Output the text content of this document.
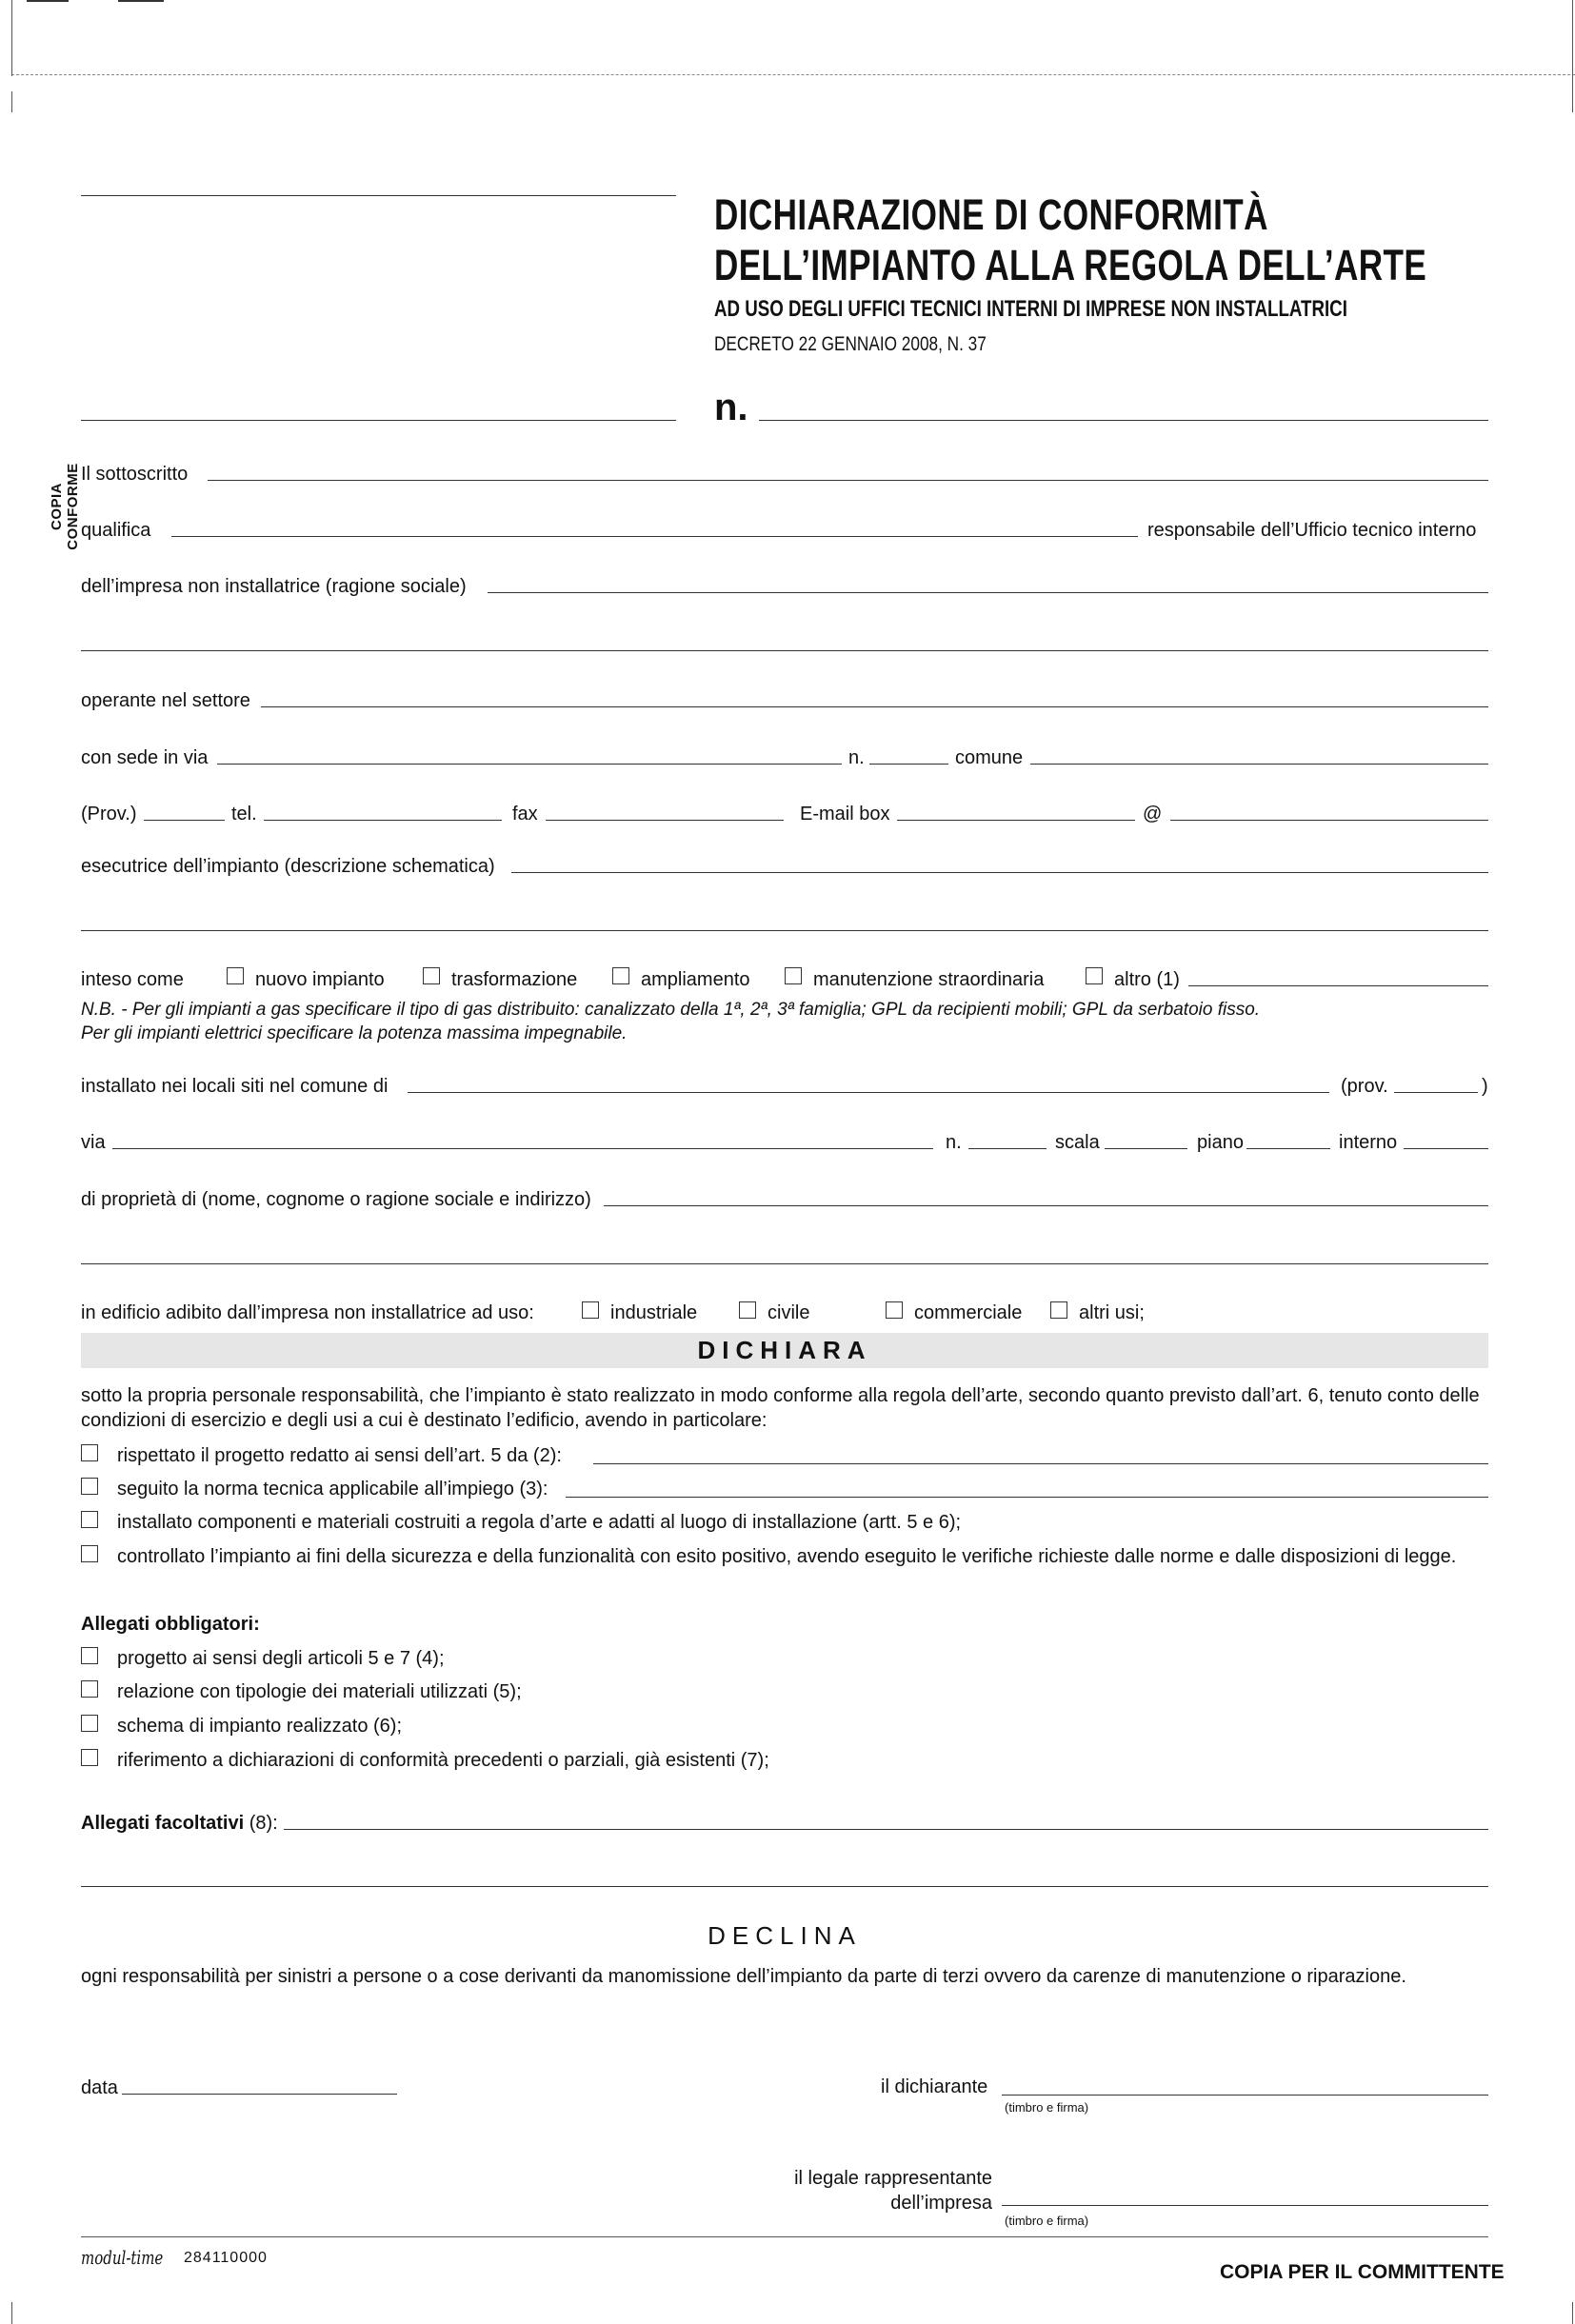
COPIA CONFORME
DICHIARAZIONE DI CONFORMITÀ
DELL’IMPIANTO ALLA REGOLA DELL’ARTE
AD USO DEGLI UFFICI TECNICI INTERNI DI IMPRESE NON INSTALLATRICI
DECRETO 22 GENNAIO 2008, N. 37
n.
Il sottoscritto
qualifica	responsabile dell’Ufficio tecnico interno
dell’impresa non installatrice (ragione sociale)
operante nel settore
con sede in via	n.	comune
(Prov.)	tel.	fax	E-mail box	@
esecutrice dell’impianto (descrizione schematica)
inteso come	nuovo impianto	trasformazione	ampliamento	manutenzione straordinaria	altro (1)
N.B. - Per gli impianti a gas specificare il tipo di gas distribuito: canalizzato della 1ª, 2ª, 3ª famiglia; GPL da recipienti mobili; GPL da serbatoio fisso.
Per gli impianti elettrici specificare la potenza massima impegnabile.
installato nei locali siti nel comune di	(prov.	)
via	n.	scala	piano	interno
di proprietà di (nome, cognome o ragione sociale e indirizzo)
in edificio adibito dall’impresa non installatrice ad uso:	industriale	civile	commerciale	altri usi;
DICHIARA
sotto la propria personale responsabilità, che l’impianto è stato realizzato in modo conforme alla regola dell’arte, secondo quanto previsto dall’art. 6, tenuto conto delle condizioni di esercizio e degli usi a cui è destinato l’edificio, avendo in particolare:
rispettato il progetto redatto ai sensi dell’art. 5 da (2):
seguito la norma tecnica applicabile all’impiego (3):
installato componenti e materiali costruiti a regola d’arte e adatti al luogo di installazione (artt. 5 e 6);
controllato l’impianto ai fini della sicurezza e della funzionalità con esito positivo, avendo eseguito le verifiche richieste dalle norme e dalle disposizioni di legge.
Allegati obbligatori:
progetto ai sensi degli articoli 5 e 7 (4);
relazione con tipologie dei materiali utilizzati (5);
schema di impianto realizzato (6);
riferimento a dichiarazioni di conformità precedenti o parziali, già esistenti (7);
Allegati facoltativi (8):
DECLINA
ogni responsabilità per sinistri a persone o a cose derivanti da manomissione dell’impianto da parte di terzi ovvero da carenze di manutenzione o riparazione.
data	il dichiarante
(timbro e firma)
il legale rappresentante
dell’impresa
(timbro e firma)
modul-time 284110000
COPIA PER IL COMMITTENTE
